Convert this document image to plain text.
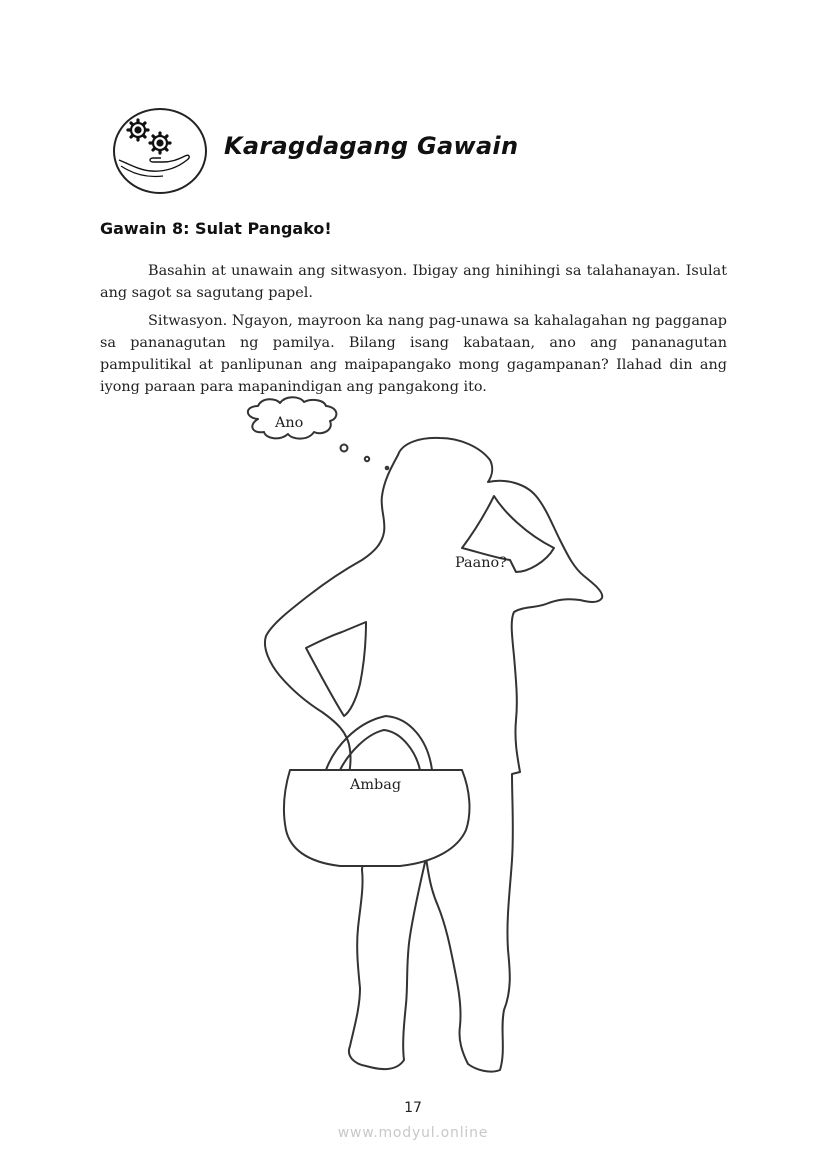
Karagdagang Gawain
Gawain 8: Sulat Pangako!

Basahin at unawain ang sitwasyon. Ibigay ang hinihingi sa talahanayan. Isulat ang sagot sa sagutang papel.

Sitwasyon. Ngayon, mayroon ka nang pag-unawa sa kahalagahan ng pagganap sa pananagutan ng pamilya. Bilang isang kabataan, ano ang pananagutan pampulitikal at panlipunan ang maipapangako mong gagampanan? Ilahad din ang iyong paraan para mapanindigan ang pangakong ito.

Ano
Paano?
Ambag
17
www.modyul.online
